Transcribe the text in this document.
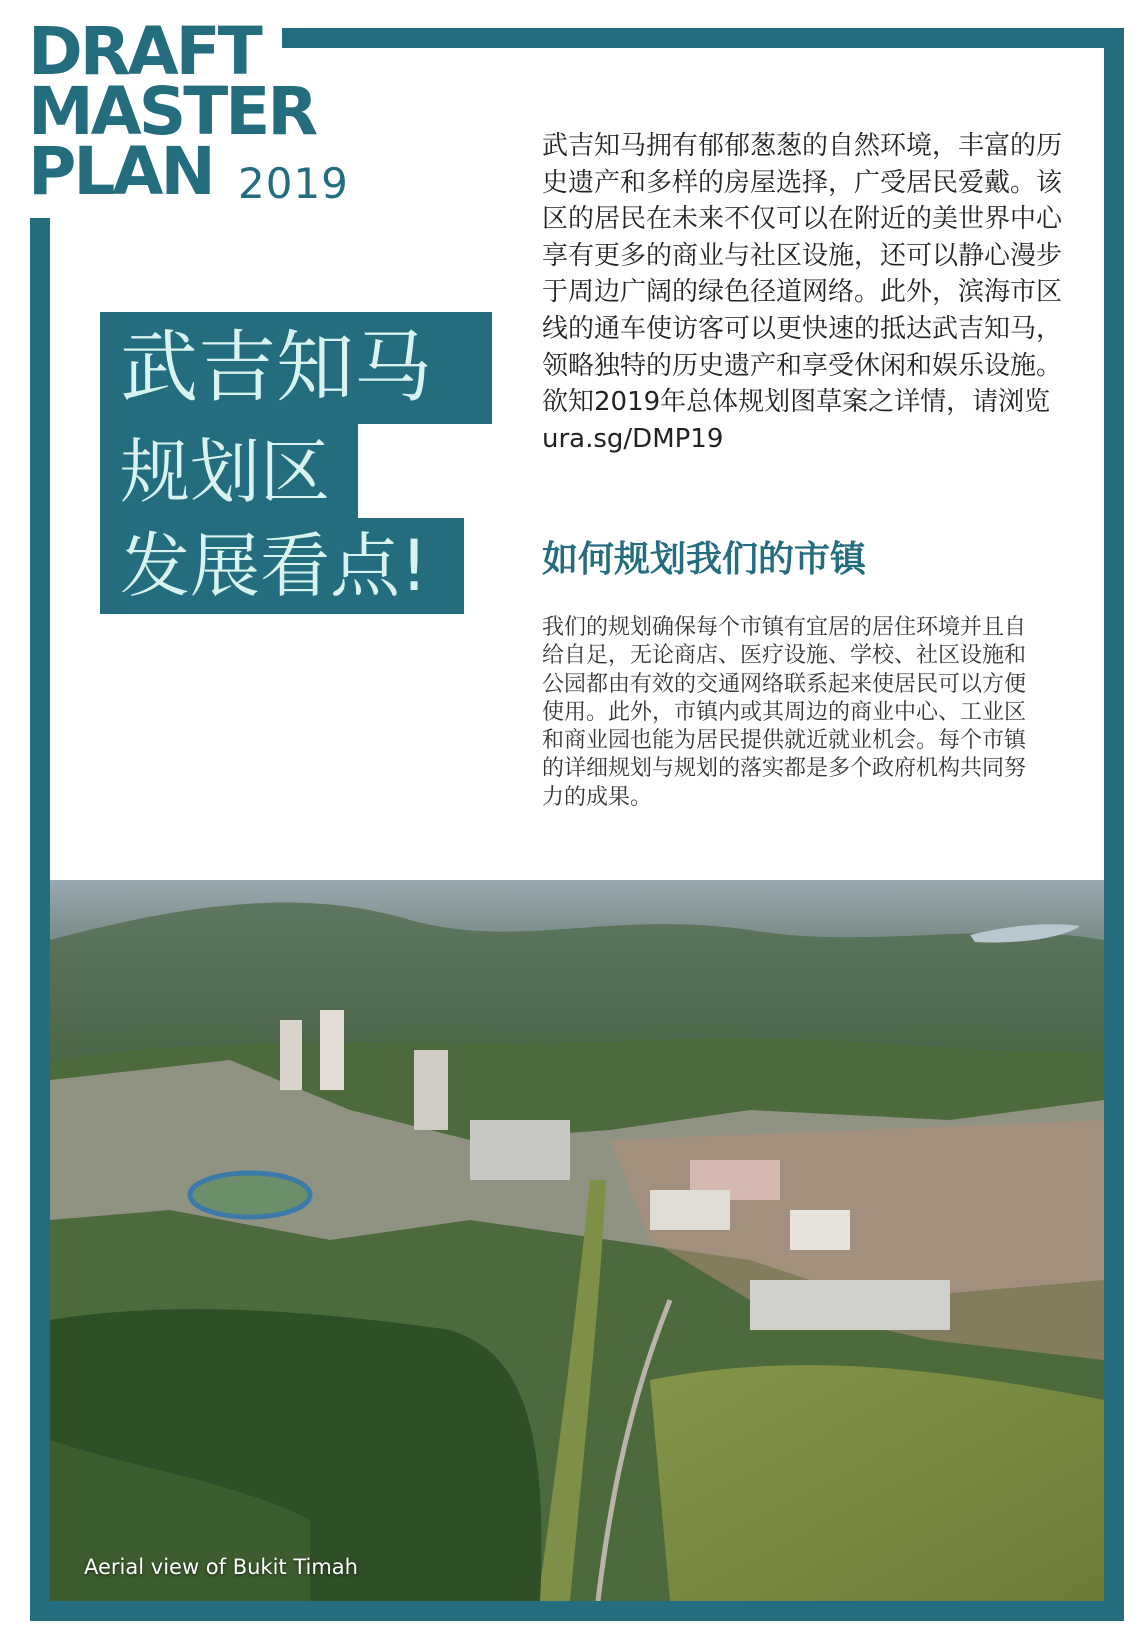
DRAFT
MASTER
PLAN 2019
武吉知马
规划区
发展看点!

武吉知马拥有郁郁葱葱的自然环境，丰富的历史遗产和多样的房屋选择，广受居民爱戴。该区的居民在未来不仅可以在附近的美世界中心享有更多的商业与社区设施，还可以静心漫步于周边广阔的绿色径道网络。此外，滨海市区线的通车使访客可以更快速的抵达武吉知马，领略独特的历史遗产和享受休闲和娱乐设施。欲知2019年总体规划图草案之详情，请浏览 ura.sg/DMP19

如何规划我们的市镇

我们的规划确保每个市镇有宜居的居住环境并且自给自足，无论商店、医疗设施、学校、社区设施和公园都由有效的交通网络联系起来使居民可以方便使用。此外，市镇内或其周边的商业中心、工业区和商业园也能为居民提供就近就业机会。每个市镇的详细规划与规划的落实都是多个政府机构共同努力的成果。

Aerial view of Bukit Timah
